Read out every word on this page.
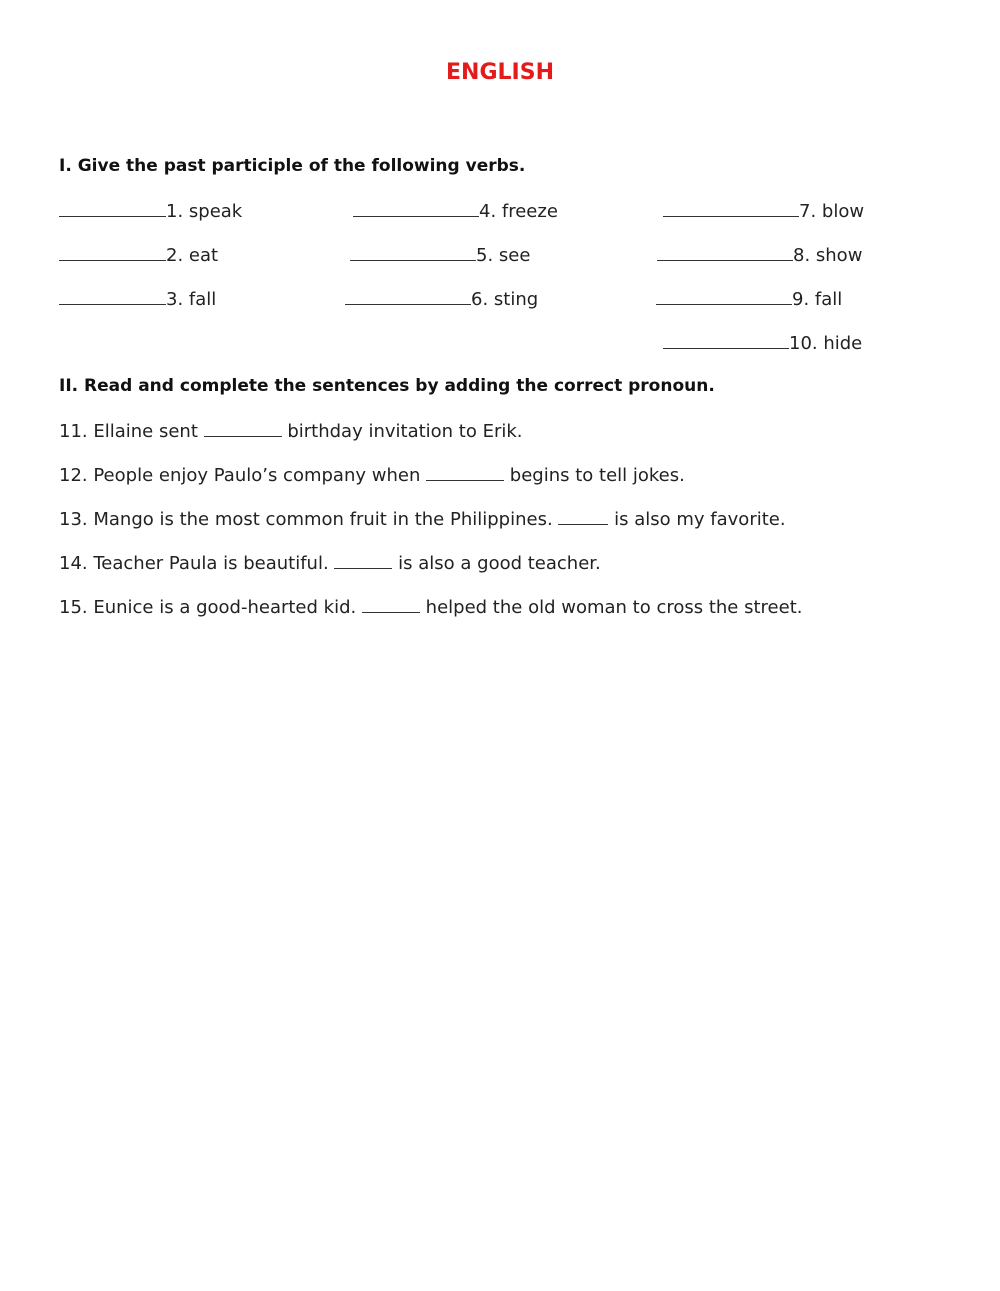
ENGLISH
I. Give the past participle of the following verbs.
1. speak
2. eat
3. fall
4. freeze
5. see
6. sting
7. blow
8. show
9. fall
10. hide
II. Read and complete the sentences by adding the correct pronoun.
11. Ellaine sent	birthday invitation to Erik.
12. People enjoy Paulo’s company when	begins to tell jokes.
13. Mango is the most common fruit in the Philippines.	is also my favorite.
14. Teacher Paula is beautiful.	is also a good teacher.
15. Eunice is a good-hearted kid.	helped the old woman to cross the street.
